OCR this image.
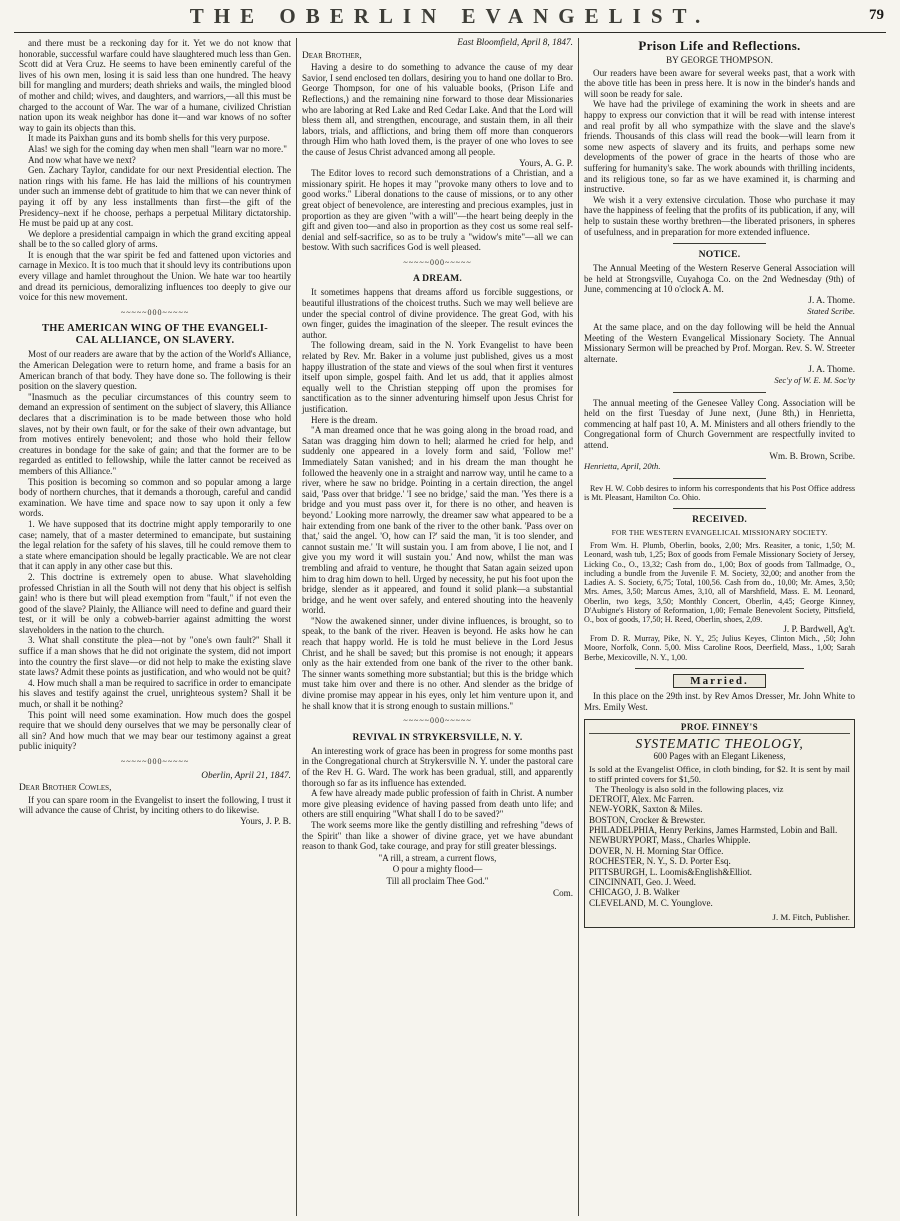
THE OBERLIN EVANGELIST.	79

and there must be a reckoning day for it. Yet we do not know that honorable, successful warfare could have slaughtered much less than Gen. Scott did at Vera Cruz. He seems to have been eminently careful of the lives of his own men, losing it is said less than one hundred. The heavy bill for mangling and murders; death shrieks and wails, the mingled blood of mother and child; wives, and daughters, and warriors,—all this must be charged to the account of War. The war of a humane, civilized Christian nation upon its weak neighbor has done it—and war knows of no softer way to gain its objects than this.

It made its Paixhan guns and its bomb shells for this very purpose.

Alas! we sigh for the coming day when men shall "learn war no more."

And now what have we next?

Gen. Zachary Taylor, candidate for our next Presidential election. The nation rings with his fame. He has laid the millions of his countrymen under such an immense debt of gratitude to him that we can never think of paying it off by any less installments than first—the gift of the Presidency–next if he choose, perhaps a perpetual Military dictatorship. He must be paid up at any cost.

We deplore a presidential campaign in which the grand exciting appeal shall be to the so called glory of arms.

It is enough that the war spirit be fed and fattened upon victories and carnage in Mexico. It is too much that it should levy its contributions upon every village and hamlet throughout the Union. We hate war too heartily and dread its pernicious, demoralizing influences too deeply to give our voice for this new movement.

~~~~~000~~~~~
THE AMERICAN WING OF THE EVANGELI-
CAL ALLIANCE, ON SLAVERY.

Most of our readers are aware that by the action of the World's Alliance, the American Delegation were to return home, and frame a basis for an American branch of that body. They have done so. The following is their position on the slavery question.

"Inasmuch as the peculiar circumstances of this country seem to demand an expression of sentiment on the subject of slavery, this Alliance declares that a discrimination is to be made between those who hold slaves, not by their own fault, or for the sake of their own advantage, but from motives entirely benevolent; and those who hold their fellow creatures in bondage for the sake of gain; and that the former are to be regarded as entitled to fellowship, while the latter cannot be received as members of this Alliance."

This position is becoming so common and so popular among a large body of northern churches, that it demands a thorough, careful and candid examination. We have time and space now to say upon it only a few words.

1. We have supposed that its doctrine might apply temporarily to one case; namely, that of a master determined to emancipate, but sustaining the legal relation for the safety of his slaves, till he could remove them to a state where emancipation should be legally practicable. We are not clear that it can apply in any other case but this.

2. This doctrine is extremely open to abuse. What slaveholding professed Christian in all the South will not deny that his object is selfish gain! who is there but will plead exemption from "fault," if not even the good of the slave? Plainly, the Alliance will need to define and guard their test, or it will be only a cobweb-barrier against admitting the worst slaveholders in the nation to the church.

3. What shall constitute the plea—not by "one's own fault?" Shall it suffice if a man shows that he did not originate the system, did not import into the country the first slave—or did not help to make the existing slave state laws? Admit these points as justification, and who would not be quit?

4. How much shall a man be required to sacrifice in order to emancipate his slaves and testify against the cruel, unrighteous system? Shall it be much, or shall it be nothing?

This point will need some examination. How much does the gospel require that we should deny ourselves that we may be personally clear of all sin? And how much that we may bear our testimony against a great public iniquity?

~~~~~000~~~~~
Oberlin, April 21, 1847.
Dear Brother Cowles,

If you can spare room in the Evangelist to insert the following, I trust it will advance the cause of Christ, by inciting others to do likewise.

Yours, J. P. B.
East Bloomfield, April 8, 1847.
Dear Brother,

Having a desire to do something to advance the cause of my dear Savior, I send enclosed ten dollars, desiring you to hand one dollar to Bro. George Thompson, for one of his valuable books, (Prison Life and Reflections,) and the remaining nine forward to those dear Missionaries who are laboring at Red Lake and Red Cedar Lake. And that the Lord will bless them all, and strengthen, encourage, and sustain them, in all their labors, trials, and afflictions, and bring them off more than conquerors through Him who hath loved them, is the prayer of one who loves to see the cause of Jesus Christ advanced among all people.

Yours, A. G. P.

The Editor loves to record such demonstrations of a Christian, and a missionary spirit. He hopes it may "provoke many others to love and to good works." Liberal donations to the cause of missions, or to any other great object of benevolence, are interesting and precious examples, just in proportion as they are given "with a will"—the heart being deeply in the gift and given too—and also in proportion as they cost us some real self-denial and self-sacrifice, so as to be truly a "widow's mite"—all we can bestow. With such sacrifices God is well pleased.

~~~~~000~~~~~
A DREAM.

It sometimes happens that dreams afford us forcible suggestions, or beautiful illustrations of the choicest truths. Such we may well believe are under the special control of divine providence. The great God, with his own finger, guides the imagination of the sleeper. The result evinces the author.

The following dream, said in the N. York Evangelist to have been related by Rev. Mr. Baker in a volume just published, gives us a most happy illustration of the state and views of the soul when first it ventures itself upon simple, gospel faith. And let us add, that it applies almost equally well to the Christian stepping off upon the promises for sanctification as to the sinner adventuring himself upon Jesus Christ for justification.

Here is the dream.

"A man dreamed once that he was going along in the broad road, and Satan was dragging him down to hell; alarmed he cried for help, and suddenly one appeared in a lovely form and said, 'Follow me!' Immediately Satan vanished; and in his dream the man thought he followed the heavenly one in a straight and narrow way, until he came to a river, where he saw no bridge. Pointing in a certain direction, the angel said, 'Pass over that bridge.' 'I see no bridge,' said the man. 'Yes there is a bridge and you must pass over it, for there is no other, and heaven is beyond.' Looking more narrowly, the dreamer saw what appeared to be a hair extending from one bank of the river to the other bank. 'Pass over on that,' said the angel. 'O, how can I?' said the man, 'it is too slender, and cannot sustain me.' 'It will sustain you. I am from above, I lie not, and I give you my word it will sustain you.' And now, whilst the man was trembling and afraid to venture, he thought that Satan again seized upon him to drag him down to hell. Urged by necessity, he put his foot upon the bridge, slender as it appeared, and found it solid plank—a substantial bridge, and he went over safely, and entered shouting into the heavenly world.

"Now the awakened sinner, under divine influences, is brought, so to speak, to the bank of the river. Heaven is beyond. He asks how he can reach that happy world. He is told he must believe in the Lord Jesus Christ, and he shall be saved; but this promise is not enough; it appears only as the hair extended from one bank of the river to the other bank. The sinner wants something more substantial; but this is the bridge which must take him over and there is no other. And slender as the bridge of divine promise may appear in his eyes, only let him venture upon it, and he shall know that it is strong enough to sustain millions."

~~~~~000~~~~~
REVIVAL IN STRYKERSVILLE, N. Y.

An interesting work of grace has been in progress for some months past in the Congregational church at Strykersville N. Y. under the pastoral care of the Rev H. G. Ward. The work has been gradual, still, and apparently thorough so far as its influence has extended.

A few have already made public profession of faith in Christ. A number more give pleasing evidence of having passed from death unto life; and others are still enquiring "What shall I do to be saved?"

The work seems more like the gently distilling and refreshing "dews of the Spirit" than like a shower of divine grace, yet we have abundant reason to thank God, take courage, and pray for still greater blessings.

"A rill, a stream, a current flows,
O pour a mighty flood—
Till all proclaim Thee God."
Com.
Prison Life and Reflections.
BY GEORGE THOMPSON.

Our readers have been aware for several weeks past, that a work with the above title has been in press here. It is now in the binder's hands and will soon be ready for sale.

We have had the privilege of examining the work in sheets and are happy to express our conviction that it will be read with intense interest and real profit by all who sympathize with the slave and the slave's friends. Thousands of this class will read the book—will learn from it some new aspects of slavery and its fruits, and perhaps some new developments of the power of grace in the hearts of those who are suffering for humanity's sake. The work abounds with thrilling incidents, and its religious tone, so far as we have examined it, is charming and instructive.

We wish it a very extensive circulation. Those who purchase it may have the happiness of feeling that the profits of its publication, if any, will help to sustain these worthy brethren—the liberated prisoners, in spheres of usefulness, and in preparation for more extended influence.

NOTICE.

The Annual Meeting of the Western Reserve General Association will be held at Strongsville, Cuyahoga Co. on the 2nd Wednesday (9th) of June, commencing at 10 o'clock A. M.

J. A. Thome.
Stated Scribe.

At the same place, and on the day following will be held the Annual Meeting of the Western Evangelical Missionary Society. The Annual Missionary Sermon will be preached by Prof. Morgan. Rev. S. W. Streeter alternate.

J. A. Thome.
Sec'y of W. E. M. Soc'ty

The annual meeting of the Genesee Valley Cong. Association will be held on the first Tuesday of June next, (June 8th,) in Henrietta, commencing at half past 10, A. M. Ministers and all others friendly to the Congregational form of Church Government are respectfully invited to attend.

Wm. B. Brown, Scribe.
Henrietta, April, 20th.

Rev H. W. Cobb desires to inform his correspondents that his Post Office address is Mt. Pleasant, Hamilton Co. Ohio.

RECEIVED.
FOR THE WESTERN EVANGELICAL MISSIONARY SOCIETY.

From Wm. H. Plumb, Oberlin, books, 2,00; Mrs. Reasiter, a tonic, 1,50; M. Leonard, wash tub, 1,25; Box of goods from Female Missionary Society of Jersey, Licking Co., O., 13,32; Cash from do., 1,00; Box of goods from Tallmadge, O., including a bundle from the Juvenile F. M. Society, 32,00; and another from the Ladies A. S. Society, 6,75; Total, 100,56. Cash from do., 10,00; Mr. Ames, 3,50; Mrs. Ames, 3,50; Marcus Ames, 3,10, all of Marshfield, Mass. E. M. Leonard, Oberlin, two kegs, 3,50; Monthly Concert, Oberlin, 4,45; George Kinney, D'Aubigne's History of Reformation, 1,00; Female Benevolent Society, Pittsfield, O., box of goods, 17,50; H. Reed, Oberlin, shoes, 2,09.

J. P. Bardwell, Ag't.

From D. R. Murray, Pike, N. Y., 25; Julius Keyes, Clinton Mich., ,50; John Moore, Norfolk, Conn. 5,00. Miss Caroline Roos, Deerfield, Mass., 1,00; Sarah Berbe, Mexicoville, N. Y., 1,00.

Married.

In this place on the 29th inst. by Rev Amos Dresser, Mr. John White to Mrs. Emily West.

PROF. FINNEY'S
SYSTEMATIC THEOLOGY,
600 Pages with an Elegant Likeness,
Is sold at the Evangelist Office, in cloth binding, for $2. It is sent by mail to stiff printed covers for $1,50.
The Theology is also sold in the following places, viz
DETROIT, Alex. Mc Farren.
NEW-YORK, Saxton & Miles.
BOSTON, Crocker & Brewster.
PHILADELPHIA, Henry Perkins, James Harmsted, Lobin and Ball.
NEWBURYPORT, Mass., Charles Whipple.
DOVER, N. H. Morning Star Office.
ROCHESTER, N. Y., S. D. Porter Esq.
PITTSBURGH, L. Loomis&English&Elliot.
CINCINNATI, Geo. J. Weed.
CHICAGO, J. B. Walker
CLEVELAND, M. C. Younglove.
J. M. Fitch, Publisher.
